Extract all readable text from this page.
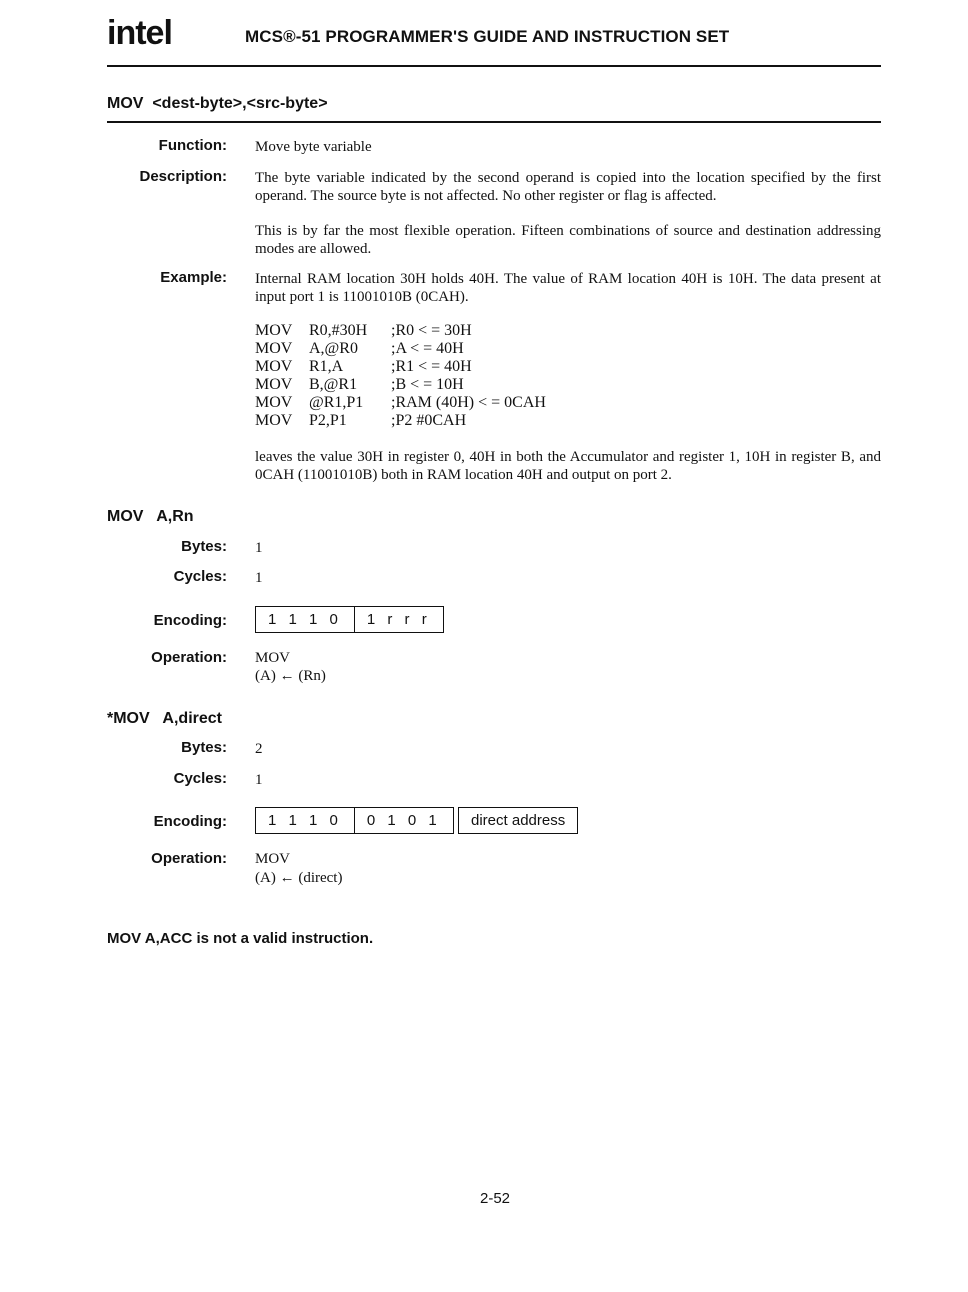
intel	MCS®-51 PROGRAMMER'S GUIDE AND INSTRUCTION SET
MOV  <dest-byte>,<src-byte>
Function: Move byte variable
Description: The byte variable indicated by the second operand is copied into the location specified by the first operand. The source byte is not affected. No other register or flag is affected.
This is by far the most flexible operation. Fifteen combinations of source and destination addressing modes are allowed.
Example: Internal RAM location 30H holds 40H. The value of RAM location 40H is 10H. The data present at input port 1 is 11001010B (0CAH).
MOV	R0,#30H	;R0 < = 30H
MOV	A,@R0	;A < = 40H
MOV	R1,A	;R1 < = 40H
MOV	B,@R1	;B < = 10H
MOV	@R1,P1	;RAM (40H) < = 0CAH
MOV	P2,P1	;P2 #0CAH
leaves the value 30H in register 0, 40H in both the Accumulator and register 1, 10H in register B, and 0CAH (11001010B) both in RAM location 40H and output on port 2.
MOV   A,Rn
Bytes: 1
Cycles: 1
Encoding:	1 1 1 0	1 r r r
Operation: MOV
(A) ← (Rn)
*MOV   A,direct
Bytes: 2
Cycles: 1
Encoding:	1 1 1 0	0 1 0 1	direct address
Operation: MOV
(A) ← (direct)
MOV A,ACC is not a valid instruction.
2-52
